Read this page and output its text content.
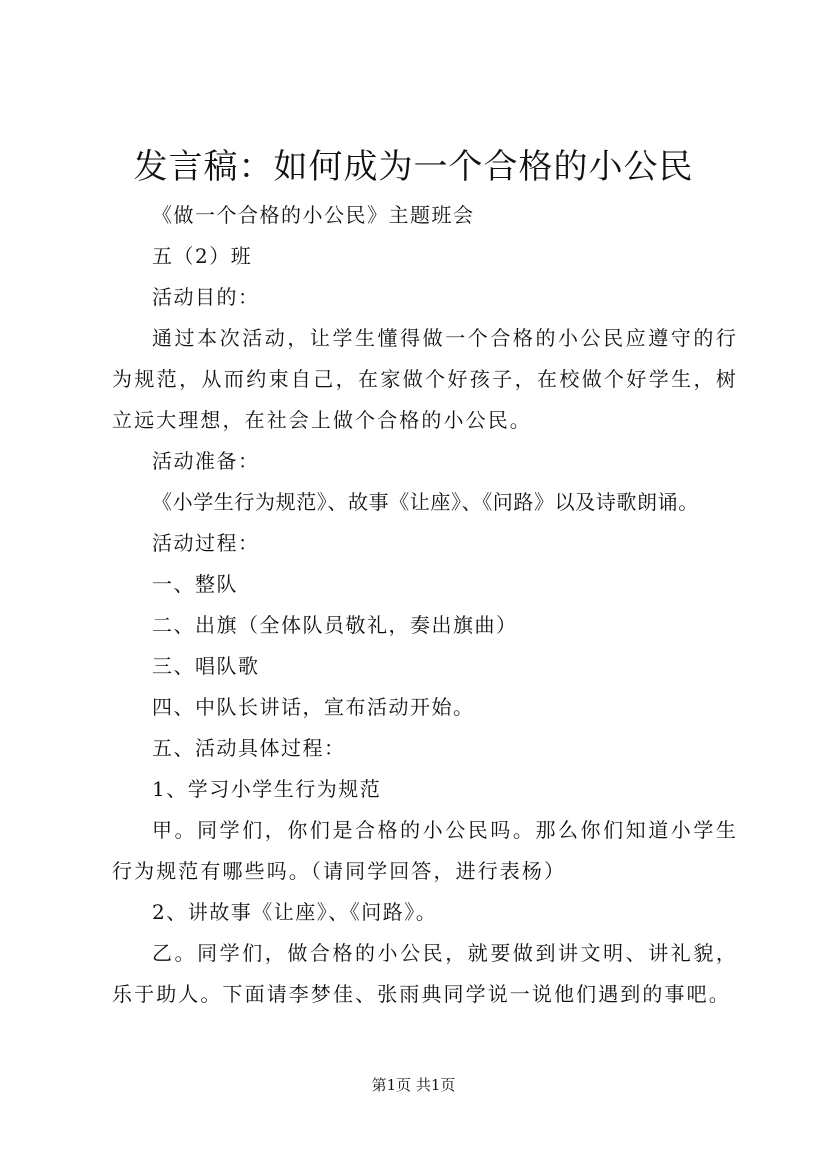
发言稿：如何成为一个合格的小公民

《做一个合格的小公民》主题班会

五（2）班

活动目的：

通过本次活动，让学生懂得做一个合格的小公民应遵守的行为规范，从而约束自己，在家做个好孩子，在校做个好学生，树立远大理想，在社会上做个合格的小公民。

活动准备：

《小学生行为规范》、故事《让座》、《问路》以及诗歌朗诵。

活动过程：

一、整队

二、出旗（全体队员敬礼，奏出旗曲）

三、唱队歌

四、中队长讲话，宣布活动开始。

五、活动具体过程：

1、学习小学生行为规范

甲。同学们，你们是合格的小公民吗。那么你们知道小学生行为规范有哪些吗。（请同学回答，进行表杨）

2、讲故事《让座》、《问路》。

乙。同学们，做合格的小公民，就要做到讲文明、讲礼貌，乐于助人。下面请李梦佳、张雨典同学说一说他们遇到的事吧。

第1页 共1页
